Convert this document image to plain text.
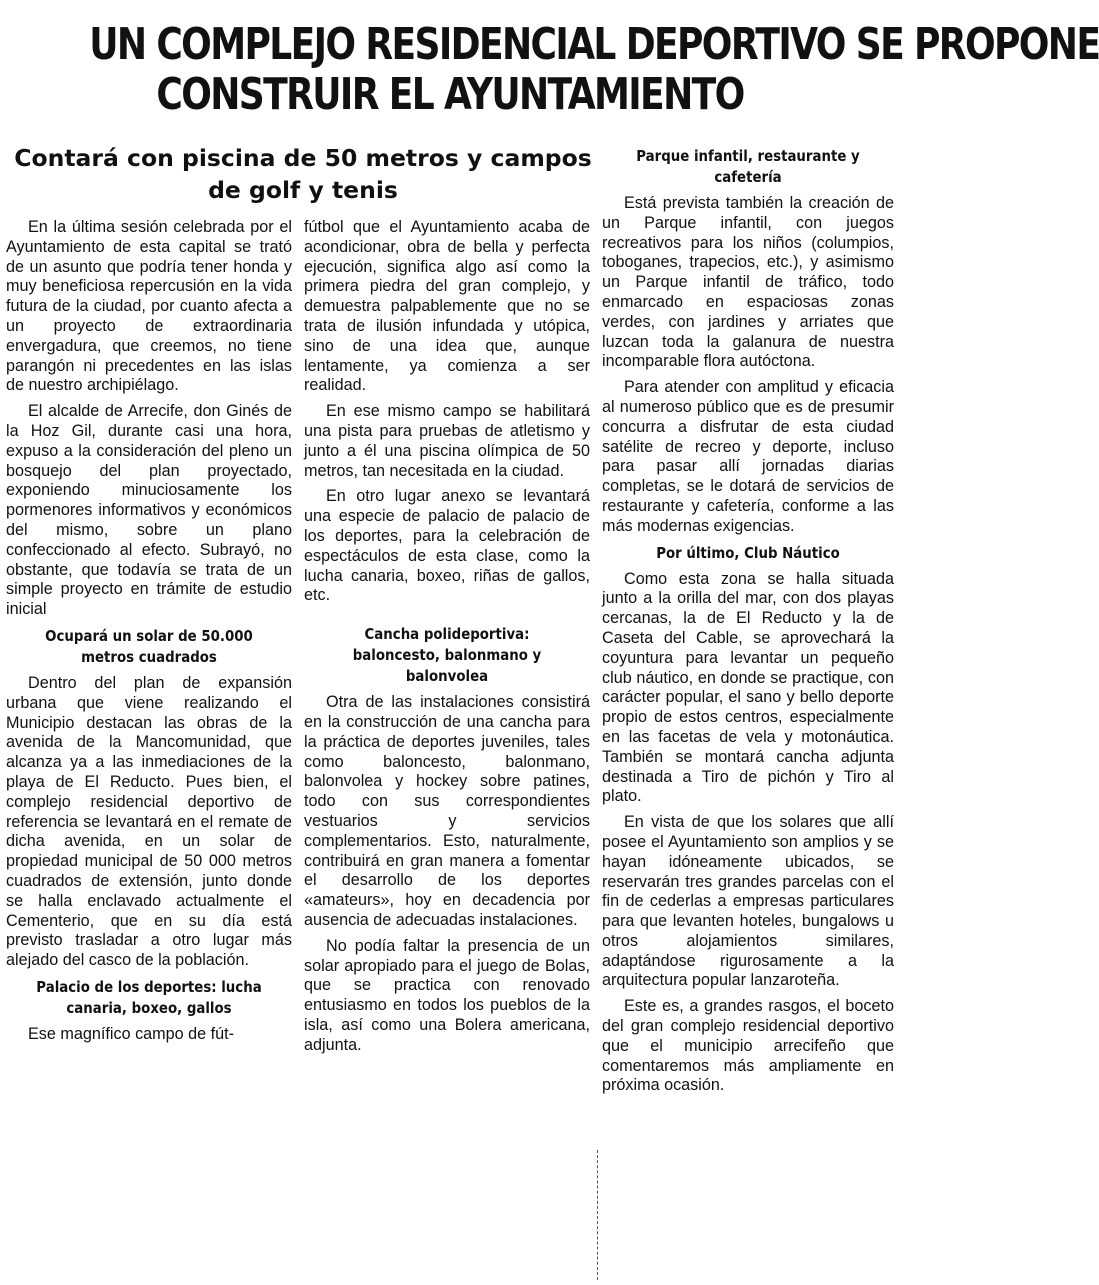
UN COMPLEJO RESIDENCIAL DEPORTIVO SE PROPONE
CONSTRUIR EL AYUNTAMIENTO
Contará con piscina de 50 metros y campos de golf y tenis

En la última sesión celebrada por el Ayuntamiento de esta capital se trató de un asunto que podría tener honda y muy beneficiosa repercusión en la vida futura de la ciudad, por cuanto afecta a un proyecto de extraordinaria envergadura, que creemos, no tiene parangón ni precedentes en las islas de nuestro archipiélago.

El alcalde de Arrecife, don Ginés de la Hoz Gil, durante casi una hora, expuso a la consideración del pleno un bosquejo del plan proyectado, exponiendo minuciosamente los pormenores informativos y económicos del mismo, sobre un plano confeccionado al efecto. Subrayó, no obstante, que todavía se trata de un simple proyecto en trámite de estudio inicial

Ocupará un solar de 50.000 metros cuadrados

Dentro del plan de expansión urbana que viene realizando el Municipio destacan las obras de la avenida de la Mancomunidad, que alcanza ya a las inmediaciones de la playa de El Reducto. Pues bien, el complejo residencial deportivo de referencia se levantará en el remate de dicha avenida, en un solar de propiedad municipal de 50 000 metros cuadrados de extensión, junto donde se halla enclavado actualmente el Cementerio, que en su día está previsto trasladar a otro lugar más alejado del casco de la población.

Palacio de los deportes: lucha canaria, boxeo, gallos

Ese magnífico campo de fút-

fútbol que el Ayuntamiento acaba de acondicionar, obra de bella y perfecta ejecución, significa algo así como la primera piedra del gran complejo, y demuestra palpablemente que no se trata de ilusión infundada y utópica, sino de una idea que, aunque lentamente, ya comienza a ser realidad.

En ese mismo campo se habilitará una pista para pruebas de atletismo y junto a él una piscina olímpica de 50 metros, tan necesitada en la ciudad.

En otro lugar anexo se levantará una especie de palacio de palacio de los deportes, para la celebración de espectáculos de esta clase, como la lucha canaria, boxeo, riñas de gallos, etc.

Cancha polideportiva: baloncesto, balonmano y balonvolea

Otra de las instalaciones consistirá en la construcción de una cancha para la práctica de deportes juveniles, tales como baloncesto, balonmano, balonvolea y hockey sobre patines, todo con sus correspondientes vestuarios y servicios complementarios. Esto, naturalmente, contribuirá en gran manera a fomentar el desarrollo de los deportes «amateurs», hoy en decadencia por ausencia de adecuadas instalaciones.

No podía faltar la presencia de un solar apropiado para el juego de Bolas, que se practica con renovado entusiasmo en todos los pueblos de la isla, así como una Bolera americana, adjunta.

Parque infantil, restaurante y cafetería

Está prevista también la creación de un Parque infantil, con juegos recreativos para los niños (columpios, toboganes, trapecios, etc.), y asimismo un Parque infantil de tráfico, todo enmarcado en espaciosas zonas verdes, con jardines y arriates que luzcan toda la galanura de nuestra incomparable flora autóctona.

Para atender con amplitud y eficacia al numeroso público que es de presumir concurra a disfrutar de esta ciudad satélite de recreo y deporte, incluso para pasar allí jornadas diarias completas, se le dotará de servicios de restaurante y cafetería, conforme a las más modernas exigencias.

Por último, Club Náutico

Como esta zona se halla situada junto a la orilla del mar, con dos playas cercanas, la de El Reducto y la de Caseta del Cable, se aprovechará la coyuntura para levantar un pequeño club náutico, en donde se practique, con carácter popular, el sano y bello deporte propio de estos centros, especialmente en las facetas de vela y motonáutica. También se montará cancha adjunta destinada a Tiro de pichón y Tiro al plato.

En vista de que los solares que allí posee el Ayuntamiento son amplios y se hayan idóneamente ubicados, se reservarán tres grandes parcelas con el fin de cederlas a empresas particulares para que levanten hoteles, bungalows u otros alojamientos similares, adaptándose rigurosamente a la arquitectura popular lanzaroteña.

Este es, a grandes rasgos, el boceto del gran complejo residencial deportivo que el municipio arrecifeño que comentaremos más ampliamente en próxima ocasión.
